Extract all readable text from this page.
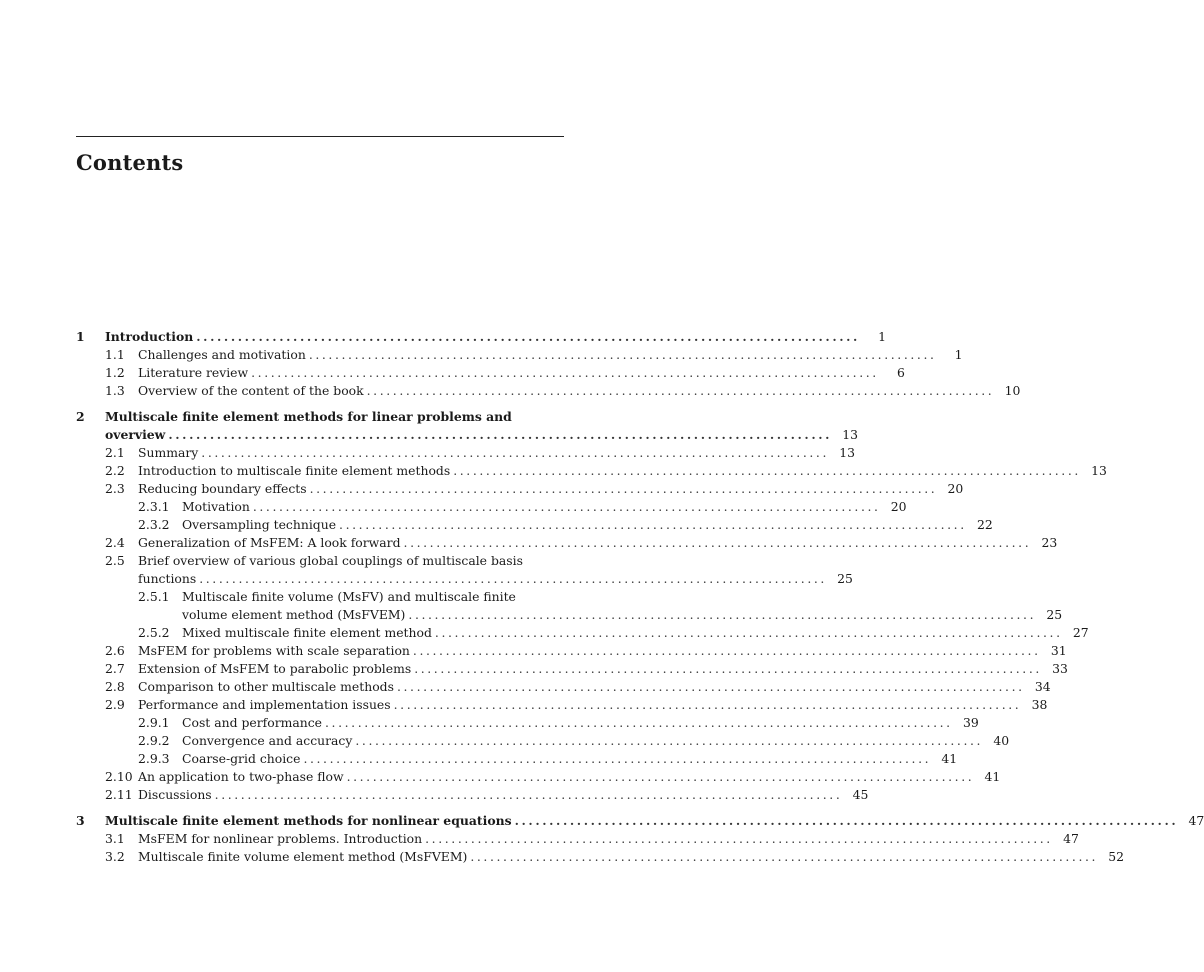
Contents
1 Introduction ................................................................................................	1
1.1 Challenges and motivation ................................................................................................	1
1.2 Literature review ................................................................................................	6
1.3 Overview of the content of the book ................................................................................................ 10
2 Multiscale finite element methods for linear problems and
overview ................................................................................................ 13
2.1 Summary ................................................................................................ 13
2.2 Introduction to multiscale finite element methods ................................................................................................ 13
2.3 Reducing boundary effects ................................................................................................ 20
2.3.1 Motivation ................................................................................................ 20
2.3.2 Oversampling technique ................................................................................................ 22
2.4 Generalization of MsFEM: A look forward ................................................................................................ 23
2.5 Brief overview of various global couplings of multiscale basis
functions ................................................................................................ 25
2.5.1 Multiscale finite volume (MsFV) and multiscale finite
volume element method (MsFVEM) ................................................................................................ 25
2.5.2 Mixed multiscale finite element method ................................................................................................ 27
2.6 MsFEM for problems with scale separation ................................................................................................ 31
2.7 Extension of MsFEM to parabolic problems ................................................................................................ 33
2.8 Comparison to other multiscale methods ................................................................................................ 34
2.9 Performance and implementation issues ................................................................................................ 38
2.9.1 Cost and performance ................................................................................................ 39
2.9.2 Convergence and accuracy ................................................................................................ 40
2.9.3 Coarse-grid choice ................................................................................................ 41
2.10 An application to two-phase flow ................................................................................................ 41
2.11 Discussions ................................................................................................ 45
3 Multiscale finite element methods for nonlinear equations ................................................................................................ 47
3.1 MsFEM for nonlinear problems. Introduction ................................................................................................ 47
3.2 Multiscale finite volume element method (MsFVEM) ................................................................................................ 52
